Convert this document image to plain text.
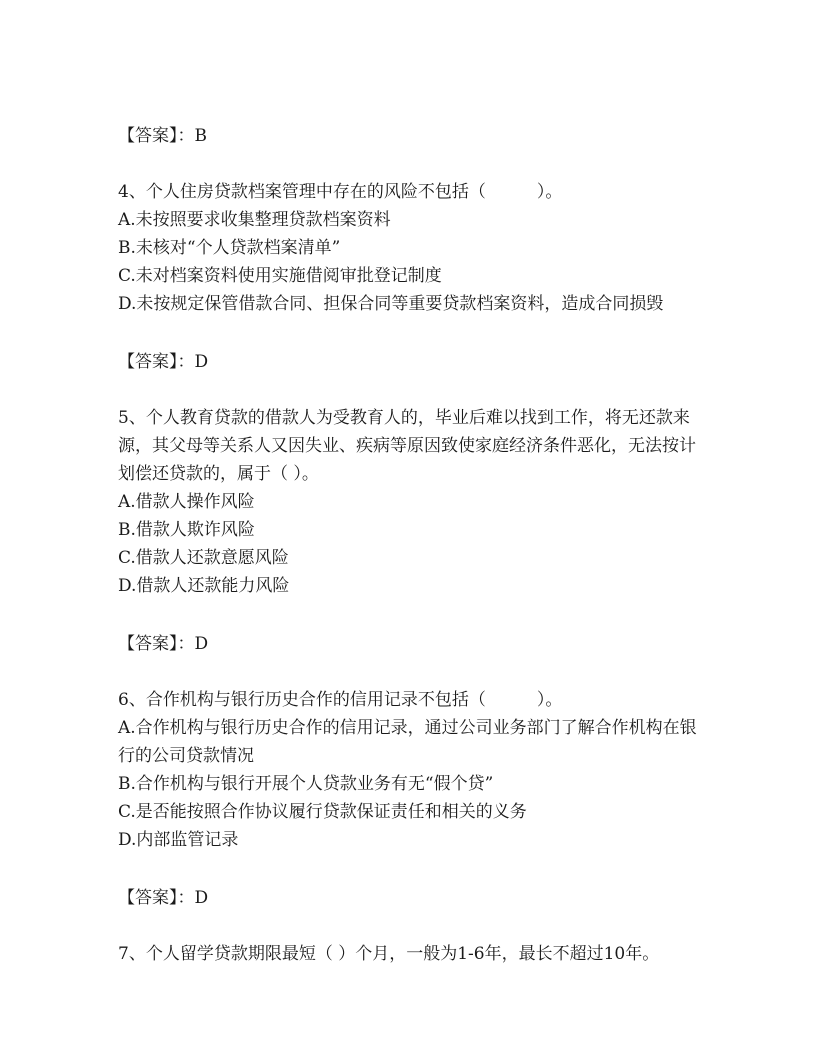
【答案】：B
4、个人住房贷款档案管理中存在的风险不包括（　　　）。
A.未按照要求收集整理贷款档案资料
B.未核对“个人贷款档案清单”
C.未对档案资料使用实施借阅审批登记制度
D.未按规定保管借款合同、担保合同等重要贷款档案资料，造成合同损毁
【答案】：D
5、个人教育贷款的借款人为受教育人的，毕业后难以找到工作，将无还款来源，其父母等关系人又因失业、疾病等原因致使家庭经济条件恶化，无法按计划偿还贷款的，属于（ ）。
A.借款人操作风险
B.借款人欺诈风险
C.借款人还款意愿风险
D.借款人还款能力风险
【答案】：D
6、合作机构与银行历史合作的信用记录不包括（　　　）。
A.合作机构与银行历史合作的信用记录，通过公司业务部门了解合作机构在银行的公司贷款情况
B.合作机构与银行开展个人贷款业务有无“假个贷”
C.是否能按照合作协议履行贷款保证责任和相关的义务
D.内部监管记录
【答案】：D
7、个人留学贷款期限最短（ ）个月，一般为1-6年，最长不超过10年。
